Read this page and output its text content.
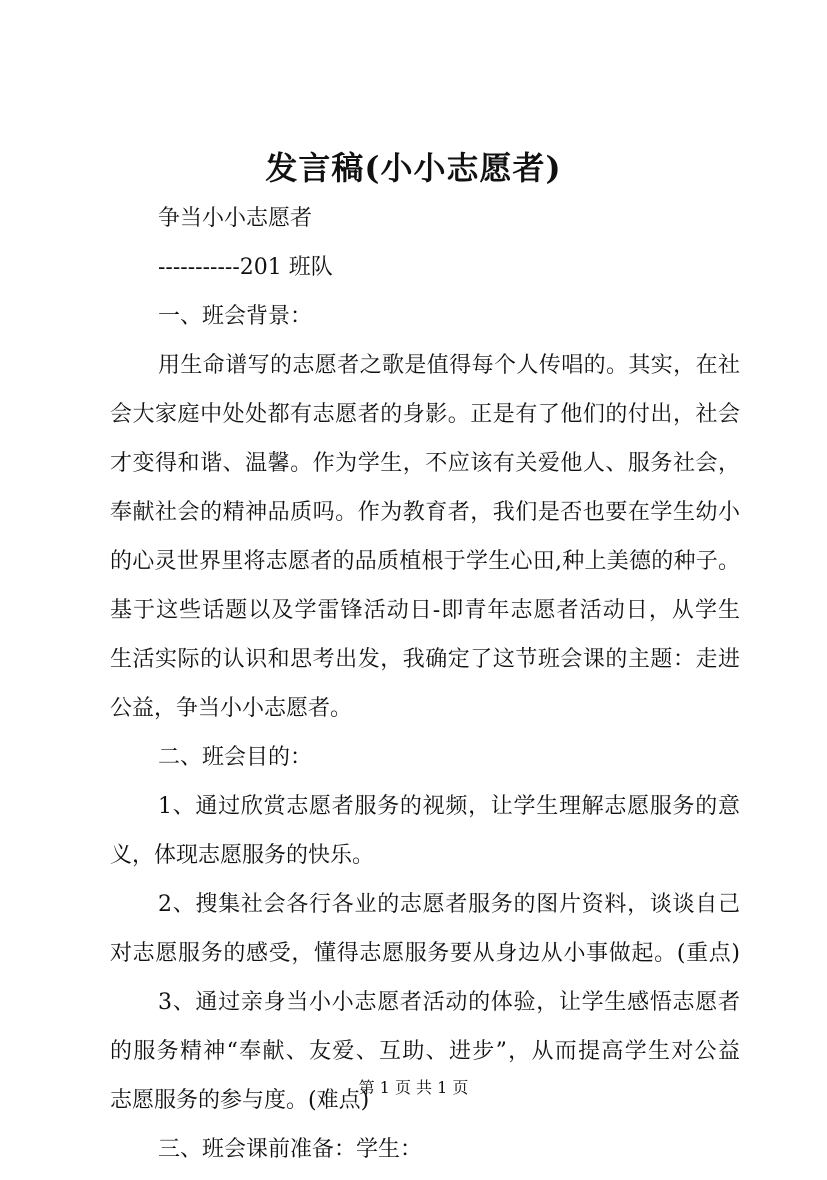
发言稿(小小志愿者)
争当小小志愿者
-----------201 班队
一、班会背景：
用生命谱写的志愿者之歌是值得每个人传唱的。其实，在社
会大家庭中处处都有志愿者的身影。正是有了他们的付出，社会
才变得和谐、温馨。作为学生，不应该有关爱他人、服务社会，
奉献社会的精神品质吗。作为教育者，我们是否也要在学生幼小
的心灵世界里将志愿者的品质植根于学生心田,种上美德的种子。
基于这些话题以及学雷锋活动日-即青年志愿者活动日，从学生
生活实际的认识和思考出发，我确定了这节班会课的主题：走进
公益，争当小小志愿者。
二、班会目的：
1、通过欣赏志愿者服务的视频，让学生理解志愿服务的意
义，体现志愿服务的快乐。
2、搜集社会各行各业的志愿者服务的图片资料，谈谈自己
对志愿服务的感受，懂得志愿服务要从身边从小事做起。(重点)
3、通过亲身当小小志愿者活动的体验，让学生感悟志愿者
的服务精神“奉献、友爱、互助、进步”，从而提高学生对公益
志愿服务的参与度。(难点)
三、班会课前准备：学生：
第 1 页 共 1 页
